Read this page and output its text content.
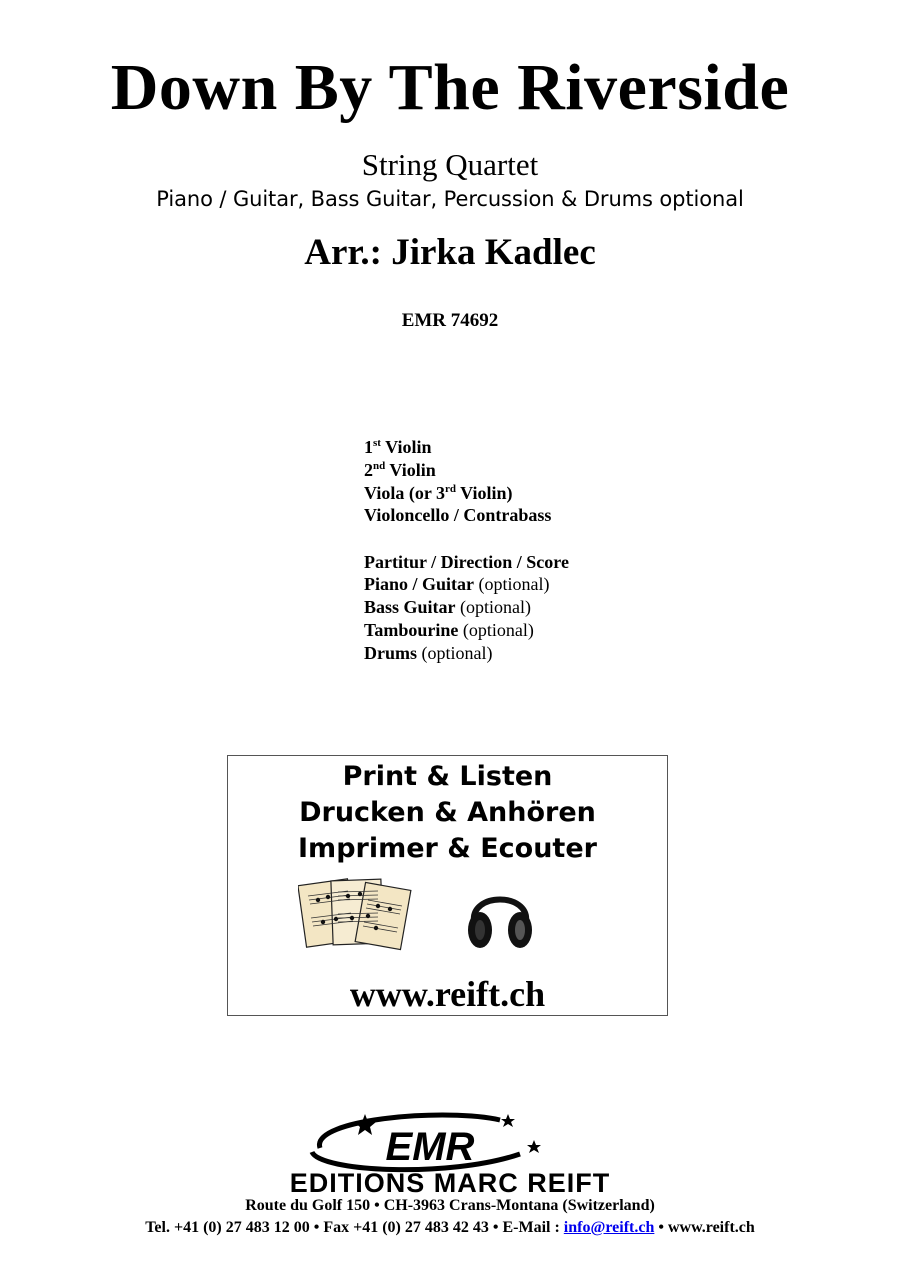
Down By The Riverside
String Quartet
Piano / Guitar, Bass Guitar, Percussion & Drums optional
Arr.: Jirka Kadlec
EMR 74692
1st Violin
2nd Violin
Viola (or 3rd Violin)
Violoncello / Contrabass
Partitur / Direction / Score
Piano / Guitar (optional)
Bass Guitar (optional)
Tambourine (optional)
Drums (optional)
Print & Listen
Drucken & Anhören
Imprimer & Ecouter
www.reift.ch
EMR
EDITIONS MARC REIFT
Route du Golf 150 • CH-3963 Crans-Montana (Switzerland)
Tel. +41 (0) 27 483 12 00 • Fax +41 (0) 27 483 42 43 • E-Mail : info@reift.ch • www.reift.ch
